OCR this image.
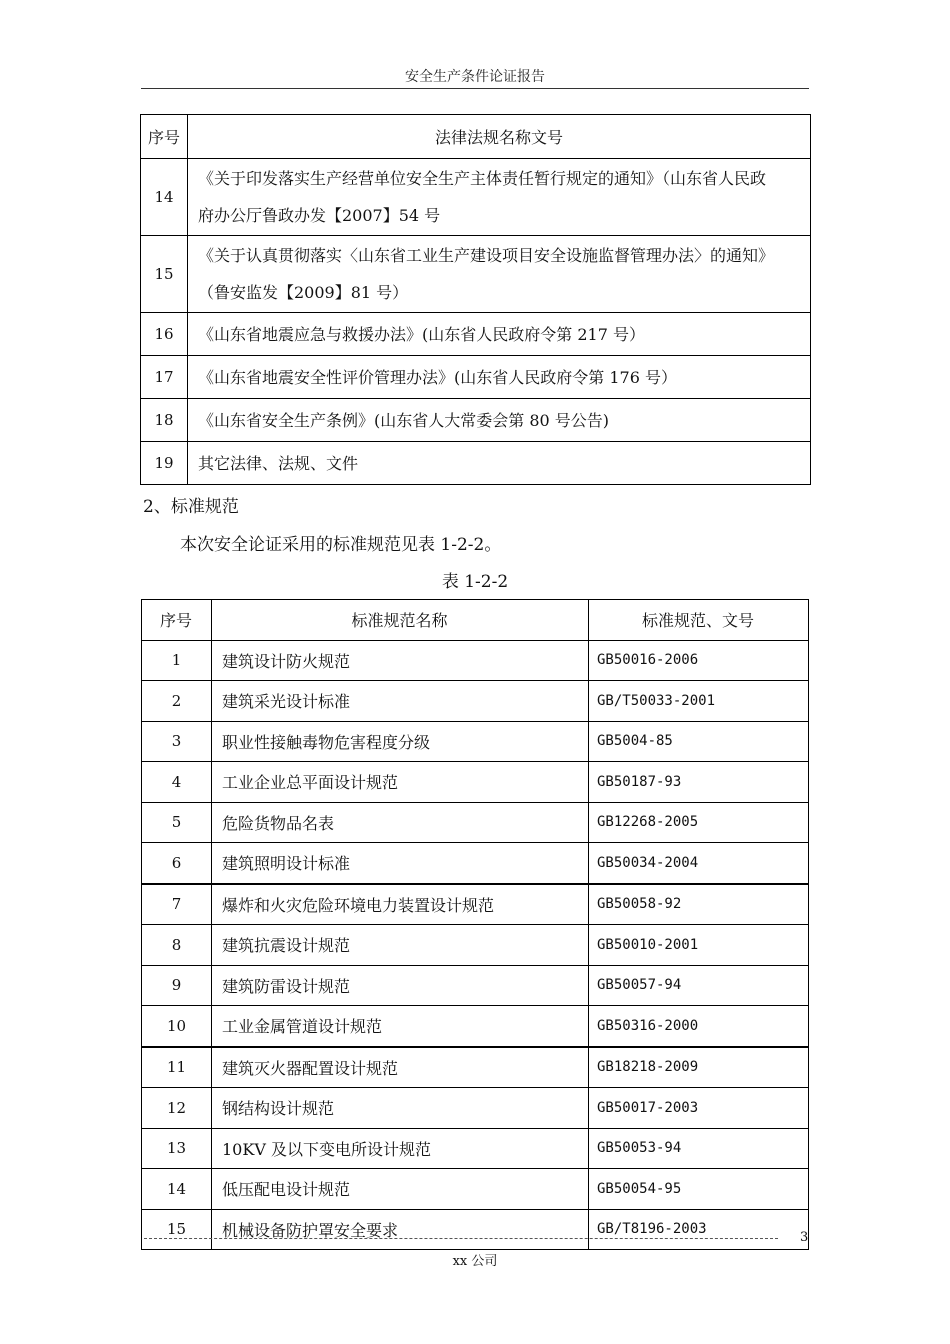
安全生产条件论证报告
序号	法律法规名称文号
14	《关于印发落实生产经营单位安全生产主体责任暂行规定的通知》（山东省人民政
府办公厅鲁政办发【2007】54 号

15	《关于认真贯彻落实〈山东省工业生产建设项目安全设施监督管理办法〉的通知》
（鲁安监发【2009】81 号）

16	《山东省地震应急与救援办法》(山东省人民政府令第 217 号）
17	《山东省地震安全性评价管理办法》(山东省人民政府令第 176 号）
18	《山东省安全生产条例》(山东省人大常委会第 80 号公告)
19	其它法律、法规、文件
2、标准规范
本次安全论证采用的标准规范见表 1-2-2。
表 1-2-2
序号	标准规范名称	标准规范、文号
1	建筑设计防火规范	GB50016-2006
2	建筑采光设计标准	GB/T50033-2001
3	职业性接触毒物危害程度分级	GB5004-85
4	工业企业总平面设计规范	GB50187-93
5	危险货物品名表	GB12268-2005
6	建筑照明设计标准	GB50034-2004
7	爆炸和火灾危险环境电力装置设计规范	GB50058-92
8	建筑抗震设计规范	GB50010-2001
9	建筑防雷设计规范	GB50057-94
10	工业金属管道设计规范	GB50316-2000
11	建筑灭火器配置设计规范	GB18218-2009
12	钢结构设计规范	GB50017-2003
13	10KV 及以下变电所设计规范	GB50053-94
14	低压配电设计规范	GB50054-95
15	机械设备防护罩安全要求	GB/T8196-2003
3
xx 公司
